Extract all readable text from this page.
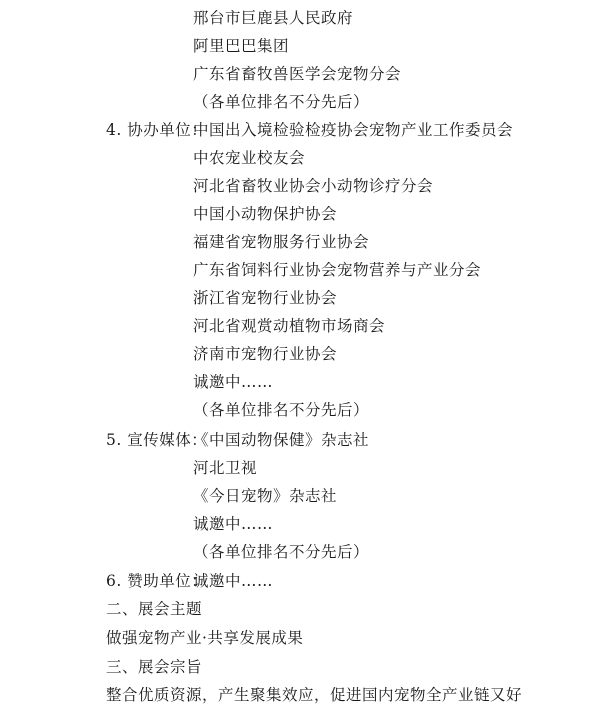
邢台市巨鹿县人民政府
阿里巴巴集团
广东省畜牧兽医学会宠物分会
（各单位排名不分先后）
4. 协办单位：
中国出入境检验检疫协会宠物产业工作委员会
中农宠业校友会
河北省畜牧业协会小动物诊疗分会
中国小动物保护协会
福建省宠物服务行业协会
广东省饲料行业协会宠物营养与产业分会
浙江省宠物行业协会
河北省观赏动植物市场商会
济南市宠物行业协会
诚邀中……
（各单位排名不分先后）
5. 宣传媒体：
《中国动物保健》杂志社
河北卫视
《今日宠物》杂志社
诚邀中……
（各单位排名不分先后）
6. 赞助单位：
诚邀中……
二、展会主题
做强宠物产业·共享发展成果
三、展会宗旨
整合优质资源，产生聚集效应，促进国内宠物全产业链又好
